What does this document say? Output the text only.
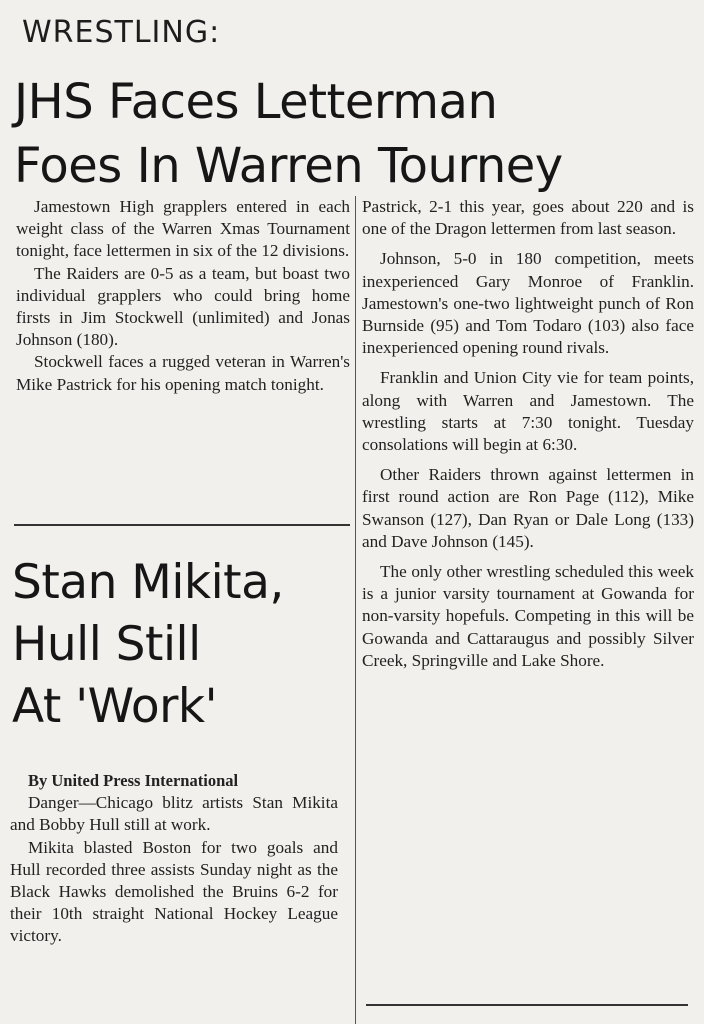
WRESTLING:
JHS Faces Letterman
Foes In Warren Tourney

Jamestown High grapplers entered in each weight class of the Warren Xmas Tournament tonight, face lettermen in six of the 12 divisions.

The Raiders are 0-5 as a team, but boast two individual grapplers who could bring home firsts in Jim Stockwell (unlimited) and Jonas Johnson (180).

Stockwell faces a rugged veteran in Warren's Mike Pastrick for his opening match tonight.

Stan Mikita,
Hull Still
At 'Work'

By United Press International

Danger—Chicago blitz artists Stan Mikita and Bobby Hull still at work.

Mikita blasted Boston for two goals and Hull recorded three assists Sunday night as the Black Hawks demolished the Bruins 6-2 for their 10th straight National Hockey League victory.

Pastrick, 2-1 this year, goes about 220 and is one of the Dragon lettermen from last season.

Johnson, 5-0 in 180 competition, meets inexperienced Gary Monroe of Franklin. Jamestown's one-two lightweight punch of Ron Burnside (95) and Tom Todaro (103) also face inexperienced opening round rivals.

Franklin and Union City vie for team points, along with Warren and Jamestown. The wrestling starts at 7:30 tonight. Tuesday consolations will begin at 6:30.

Other Raiders thrown against lettermen in first round action are Ron Page (112), Mike Swanson (127), Dan Ryan or Dale Long (133) and Dave Johnson (145).

The only other wrestling scheduled this week is a junior varsity tournament at Gowanda for non-varsity hopefuls. Competing in this will be Gowanda and Cattaraugus and possibly Silver Creek, Springville and Lake Shore.
